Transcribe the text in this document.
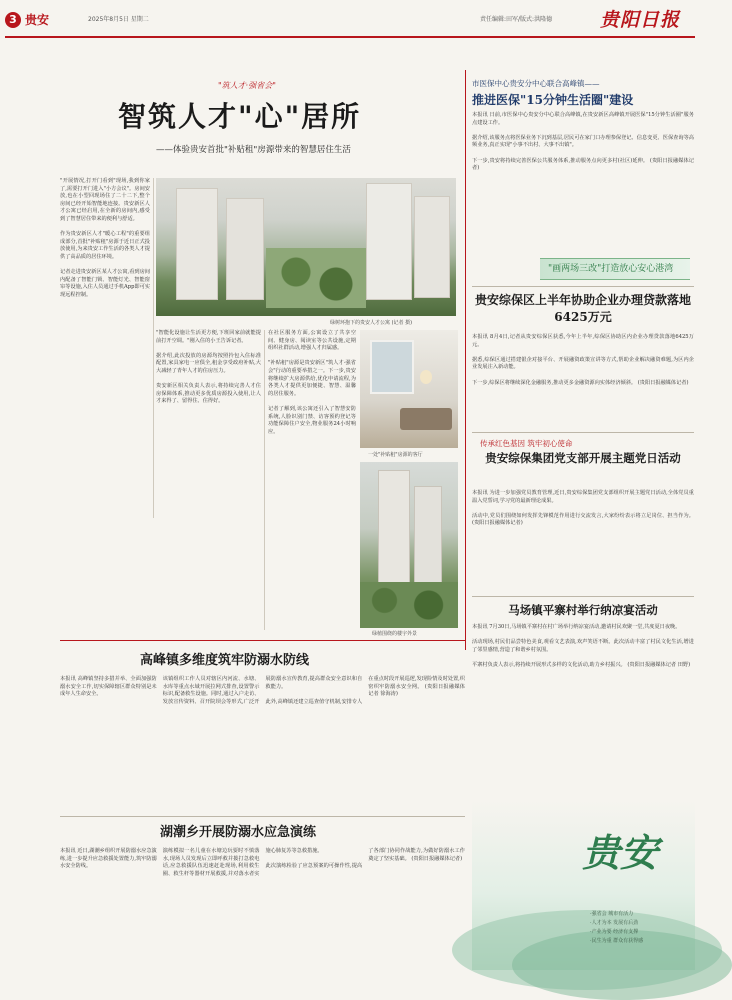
3 贵安	2025年8月5日 星期二	责任编辑:田军/版式:洪隆德	贵阳日报
"筑人才·强省会"
智筑人才"心"居所
——体验贵安首批"补贴租"房源带来的智慧居住生活
"开展情况,打开门看到"现场,我到你家了,需要打开门进入"小方会议"。房间安放,也在小型回现场住了二十二下,整个房间已经开始智能地连接。贵安新区人才公寓已经启用,在全新的房间内,感受到了智慧居住带来的便利与舒适。

作为贵安新区人才"暖心工程"的重要组成部分,首批"补贴租"房源于近日正式投放使用,为来贵安工作生活的各类人才提供了高品质的居住环境。

记者走进贵安新区某人才公寓,看到房间内配备了智能门锁、智能灯光、智能窗帘等设施,入住人员通过手机App即可实现远程控制。
绿树环抱下的贵安人才公寓 (记者 摄)
"智能化设施让生活更方便,下班回家前就能提前打开空调。"刚入住的小王告诉记者。

据介绍,此次投放的房源均按照拎包入住标准配置,家具家电一应俱全,租金享受政府补贴,大大减轻了青年人才的住房压力。

贵安新区相关负责人表示,将持续完善人才住房保障体系,推动更多优质房源投入使用,让人才来得了、留得住、住得好。
在社区服务方面,公寓设立了共享空间、健身房、阅读室等公共设施,定期组织社群活动,增强人才归属感。

"补贴租"房源是贵安新区"筑人才·强省会"行动的重要举措之一。下一步,贵安将继续扩大房源供给,优化申请流程,为各类人才提供更加便捷、智慧、温馨的居住服务。

记者了解到,该公寓还引入了智慧安防系统,人脸识别门禁、访客预约登记等功能保障住户安全,物业服务24小时响应。
一处"补贴租"房源的客厅
绿植围绕的楼宇外景
市医保中心贵安分中心联合高峰镇——
推进医保"15分钟生活圈"建设
本报讯 日前,市医保中心贵安分中心联合高峰镇,在贵安新区高峰镇开展医保"15分钟生活圈"服务点建设工作。

据介绍,该服务点将医保业务下沉到基层,居民可在家门口办理参保登记、信息变更、医保查询等高频业务,真正实现"小事不出村、大事不出镇"。

下一步,贵安将持续完善医保公共服务体系,推动服务点向更多村(社区)延伸。 (贵阳日报融媒体记者)
"画两场三改"打造放心安心港湾
贵安综保区上半年协助企业办理贷款落地6425万元
本报讯 8月4日,记者从贵安综保区获悉,今年上半年,综保区协助区内企业办理贷款落地6425万元。

据悉,综保区通过搭建银企对接平台、开展融资政策宣讲等方式,帮助企业解决融资难题,为区内企业发展注入新动能。

下一步,综保区将继续深化金融服务,推动更多金融资源向实体经济倾斜。 (贵阳日报融媒体记者)
传承红色基因 筑牢初心使命
贵安综保集团党支部开展主题党日活动
本报讯 为进一步加强党员教育管理,近日,贵安综保集团党支部组织开展主题党日活动,全体党员重温入党誓词,学习党的最新理论成果。

活动中,党员们围绕如何发挥先锋模范作用进行交流发言,大家纷纷表示将立足岗位、担当作为。 (贵阳日报融媒体记者)
马场镇平寨村举行纳凉宴活动
本报讯 7月30日,马场镇平寨村在村广场举行纳凉宴活动,邀请村民欢聚一堂,共度夏日夜晚。

活动现场,村民们品尝特色美食,观看文艺表演,欢声笑语不断。此次活动丰富了村民文化生活,增进了邻里感情,营造了和谐乡村氛围。

平寨村负责人表示,将持续开展形式多样的文化活动,助力乡村振兴。 (贵阳日报融媒体记者 田野)
高峰镇多维度筑牢防溺水防线
本报讯 高峰镇坚持多措并举、全面加强防溺水安全工作,切实保障辖区群众特别是未成年人生命安全。

该镇组织工作人员对辖区内河流、水塘、水库等重点水域开展拉网式排查,设置警示标识,配备救生设施。同时,通过入户走访、发放宣传资料、召开院坝会等形式,广泛开展防溺水宣传教育,提高群众安全意识和自救能力。

此外,高峰镇还建立巡查值守机制,安排专人在重点时段开展巡逻,发现险情及时处置,织密织牢防溺水安全网。 (贵阳日报融媒体记者 徐海涛)
湖潮乡开展防溺水应急演练
本报讯 近日,湖潮乡组织开展防溺水应急演练,进一步提升应急救援处置能力,筑牢防溺水安全防线。

演练模拟一名儿童在水塘边玩耍时不慎落水,现场人员发现后立即呼救并拨打急救电话,应急救援队伍迅速赶赴现场,利用救生圈、救生杆等器材开展救援,并对落水者实施心肺复苏等急救措施。

此次演练检验了应急预案的可操作性,提高了各部门协同作战能力,为做好防溺水工作奠定了坚实基础。 (贵阳日报融媒体记者)	贵安
·强省会 城市有活力
·人才为本 发展有后劲
·产业为要 经济有支撑
·民生为重 群众有获得感
